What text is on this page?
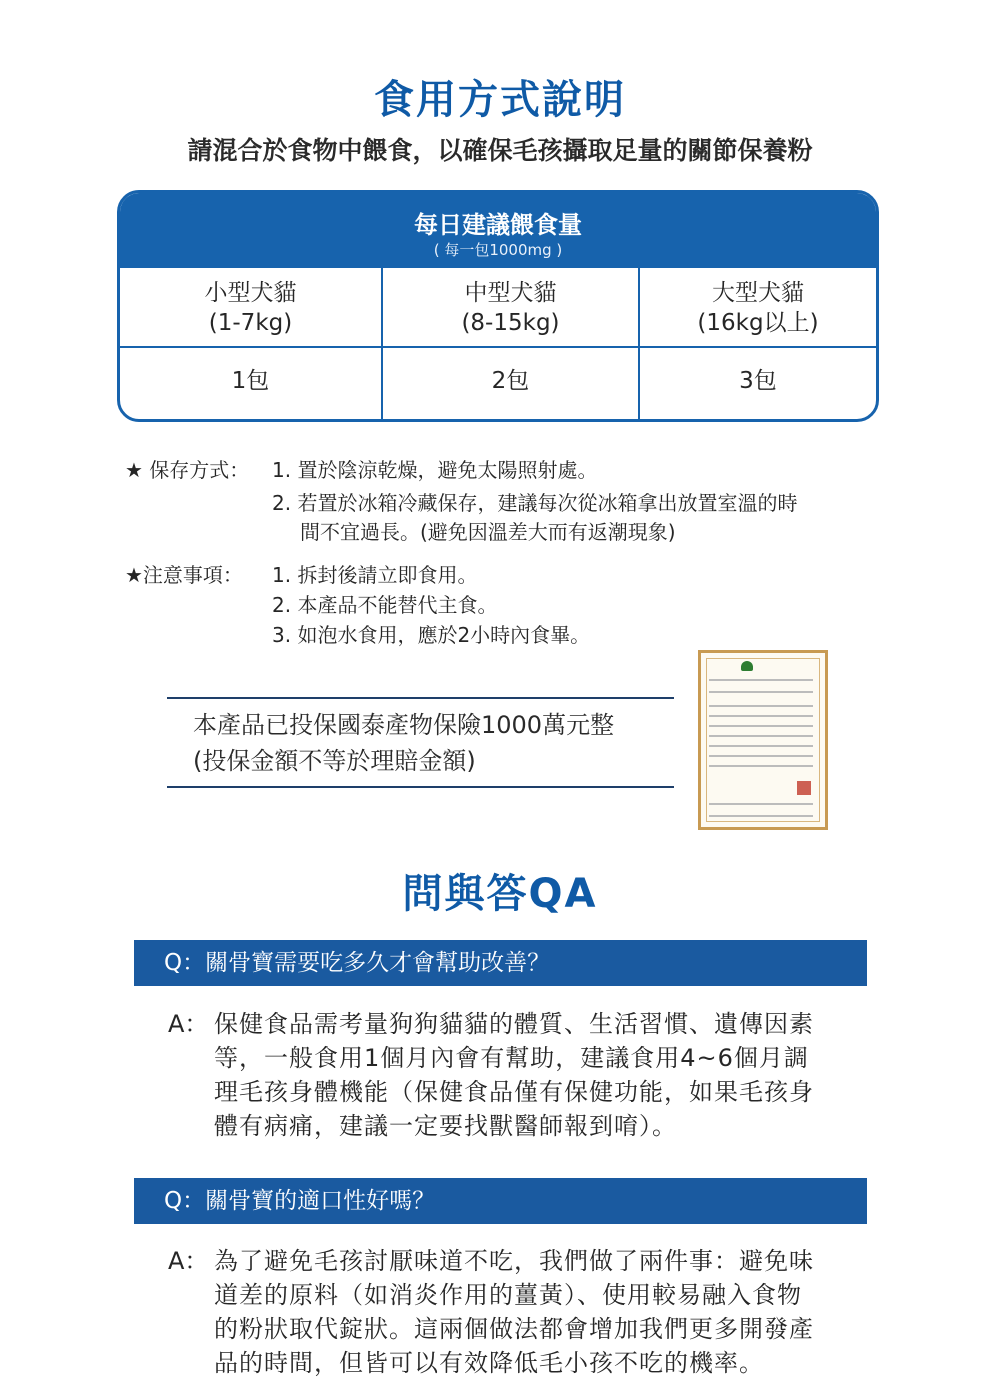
食用方式說明
請混合於食物中餵食，以確保毛孩攝取足量的關節保養粉
每日建議餵食量
( 每一包1000mg )
小型犬貓
(1-7kg)
1包
中型犬貓
(8-15kg)
2包
大型犬貓
(16kg以上)
3包
★ 保存方式： 1. 置於陰涼乾燥，避免太陽照射處。
2. 若置於冰箱冷藏保存，建議每次從冰箱拿出放置室溫的時
間不宜過長。(避免因溫差大而有返潮現象)
★注意事項： 1. 拆封後請立即食用。
2. 本產品不能替代主食。
3. 如泡水食用，應於2小時內食畢。
本產品已投保國泰產物保險1000萬元整
(投保金額不等於理賠金額)
問與答QA
Q：關骨寶需要吃多久才會幫助改善？
A： 保健食品需考量狗狗貓貓的體質、生活習慣、遺傳因素
等，一般食用1個月內會有幫助，建議食用4~6個月調
理毛孩身體機能（保健食品僅有保健功能，如果毛孩身
體有病痛，建議一定要找獸醫師報到唷）。
Q：關骨寶的適口性好嗎？
A： 為了避免毛孩討厭味道不吃，我們做了兩件事：避免味
道差的原料（如消炎作用的薑黃）、使用較易融入食物
的粉狀取代錠狀。這兩個做法都會增加我們更多開發產
品的時間，但皆可以有效降低毛小孩不吃的機率。
